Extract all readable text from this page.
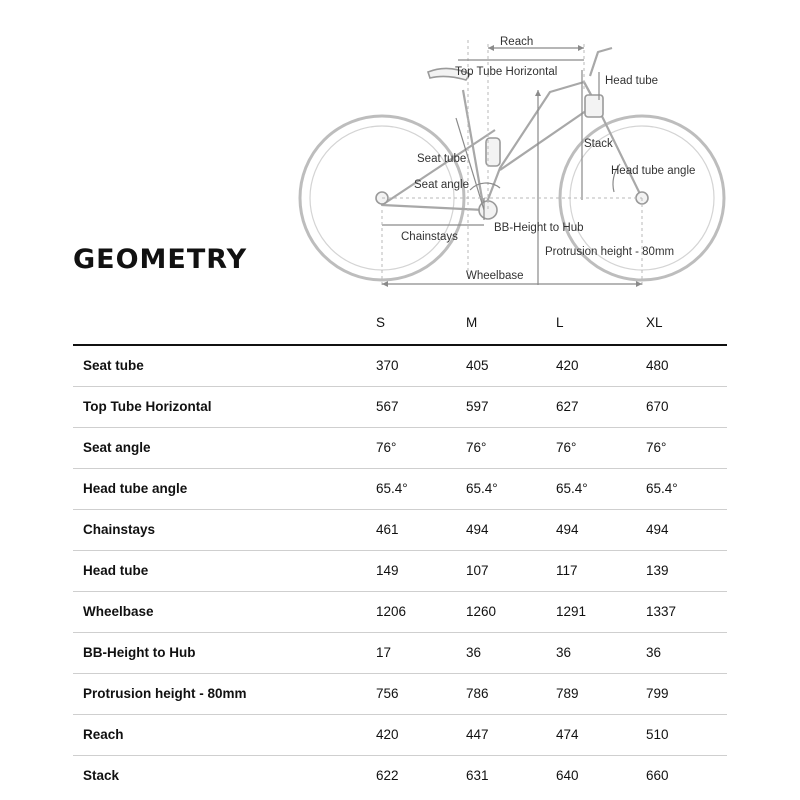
Reach
Top Tube Horizontal
Head tube
Stack
Seat tube
Head tube angle
Seat angle
BB-Height to Hub
Chainstays
Protrusion height - 80mm
Wheelbase
GEOMETRY
S	M	L	XL
Seat tube	370	405	420	480
Top Tube Horizontal	567	597	627	670
Seat angle	76°	76°	76°	76°
Head tube angle	65.4°	65.4°	65.4°	65.4°
Chainstays	461	494	494	494
Head tube	149	107	117	139
Wheelbase	1206	1260	1291	1337
BB-Height to Hub	17	36	36	36
Protrusion height - 80mm	756	786	789	799
Reach	420	447	474	510
Stack	622	631	640	660
